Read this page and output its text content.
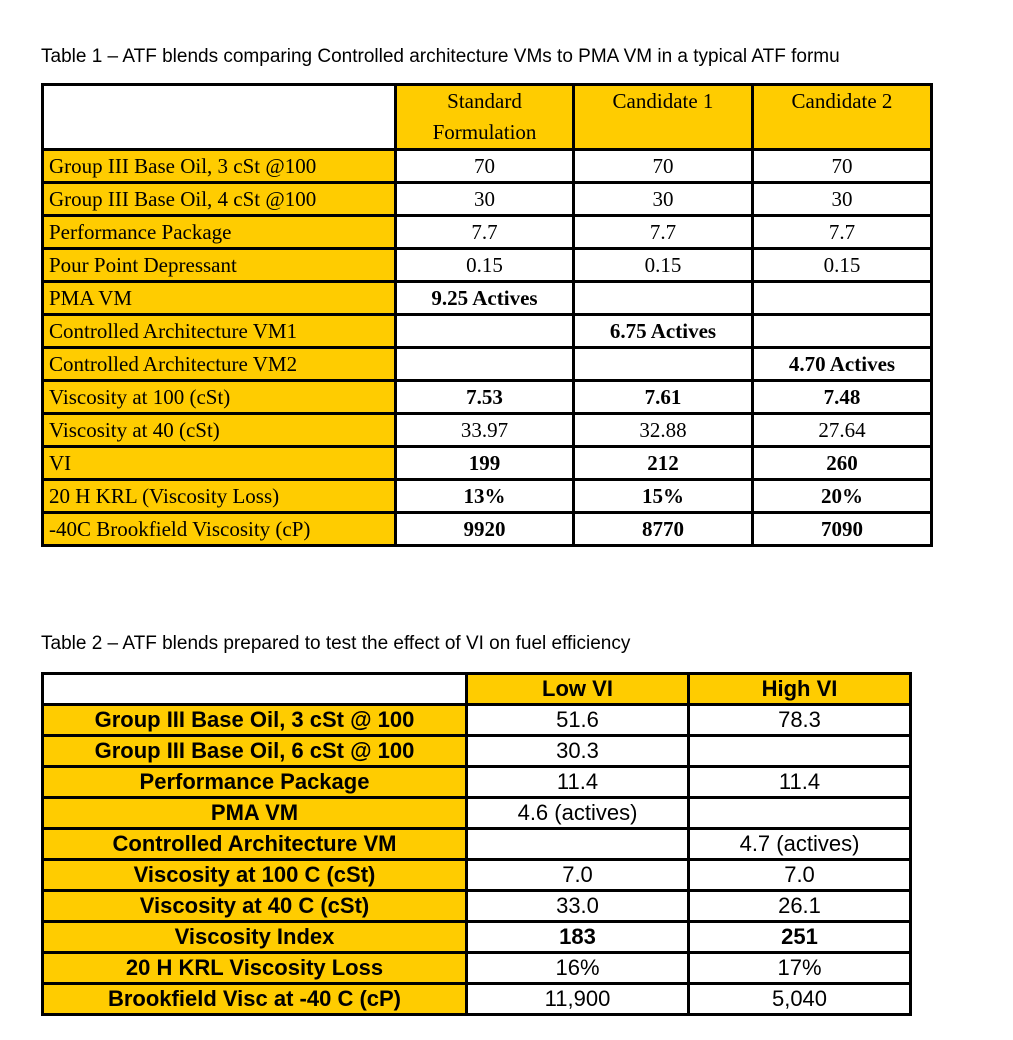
Table 1 – ATF blends comparing Controlled architecture VMs to PMA VM in a typical ATF formu

	Standard Formulation	Candidate 1	Candidate 2
Group III Base Oil, 3 cSt @100	70	70	70
Group III Base Oil, 4 cSt @100	30	30	30
Performance Package	7.7	7.7	7.7
Pour Point Depressant	0.15	0.15	0.15
PMA VM	9.25 Actives		
Controlled Architecture VM1		6.75 Actives	
Controlled Architecture VM2			4.70 Actives
Viscosity at 100 (cSt)	7.53	7.61	7.48
Viscosity at 40 (cSt)	33.97	32.88	27.64
VI	199	212	260
20 H KRL (Viscosity Loss)	13%	15%	20%
-40C Brookfield Viscosity (cP)	9920	8770	7090

Table 2 – ATF blends prepared to test the effect of VI on fuel efficiency

	Low VI	High VI
Group III Base Oil, 3 cSt @ 100	51.6	78.3
Group III Base Oil, 6 cSt @ 100	30.3	
Performance Package	11.4	11.4
PMA VM	4.6 (actives)	
Controlled Architecture VM		4.7 (actives)
Viscosity at 100 C (cSt)	7.0	7.0
Viscosity at 40 C (cSt)	33.0	26.1
Viscosity Index	183	251
20 H KRL Viscosity Loss	16%	17%
Brookfield Visc at -40 C (cP)	11,900	5,040
